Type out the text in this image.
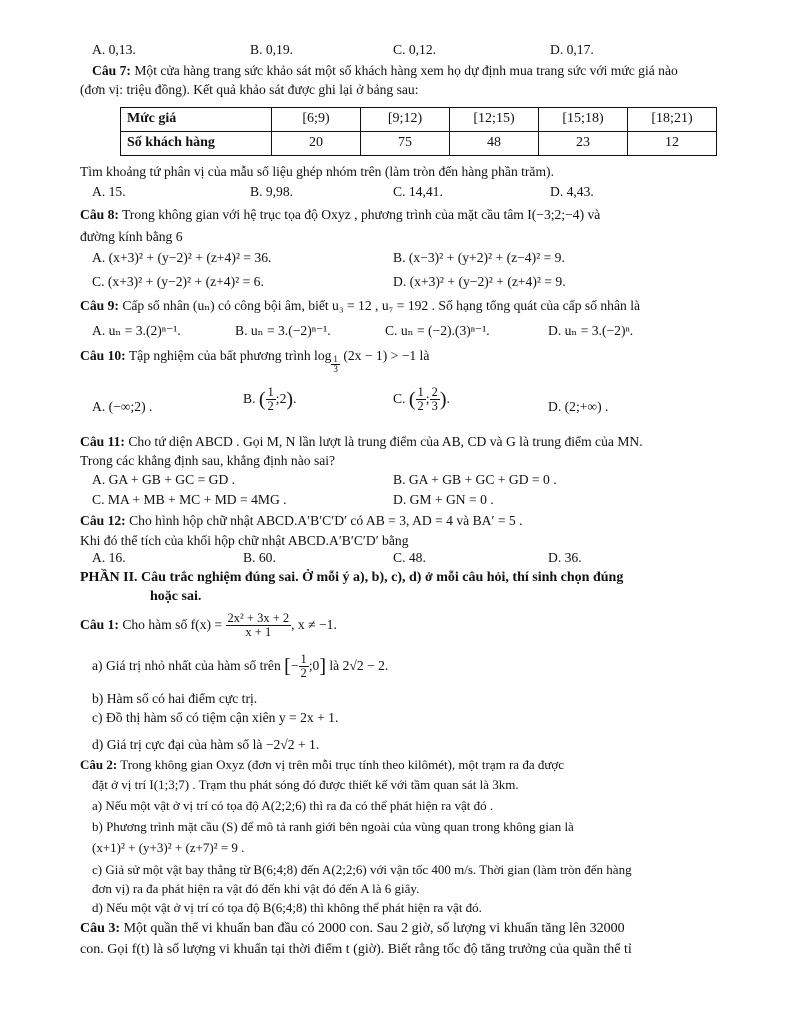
A. 0,13.	B. 0,19.	C. 0,12.	D. 0,17.
Câu 7: Một cửa hàng trang sức khảo sát một số khách hàng xem họ dự định mua trang sức với mức giá nào
(đơn vị: triệu đồng). Kết quả khảo sát được ghi lại ở bảng sau:
Mức giá	[6;9)	[9;12)	[12;15)	[15;18)	[18;21)
Số khách hàng	20	75	48	23	12
Tìm khoảng tứ phân vị của mẫu số liệu ghép nhóm trên (làm tròn đến hàng phần trăm).
A. 15.	B. 9,98.	C. 14,41.	D. 4,43.
Câu 8: Trong không gian với hệ trục tọa độ Oxyz , phương trình của mặt cầu tâm I(−3;2;−4) và
đường kính bằng 6
A. (x+3)² + (y−2)² + (z+4)² = 36.	B. (x−3)² + (y+2)² + (z−4)² = 9.
C. (x+3)² + (y−2)² + (z+4)² = 6.	D. (x+3)² + (y−2)² + (z+4)² = 9.
Câu 9: Cấp số nhân (uₙ) có công bội âm, biết u₃ = 12 , u₇ = 192 . Số hạng tổng quát của cấp số nhân là
A. uₙ = 3.(2)ⁿ⁻¹.	B. uₙ = 3.(−2)ⁿ⁻¹.	C. uₙ = (−2).(3)ⁿ⁻¹.	D. uₙ = 3.(−2)ⁿ.
Câu 10: Tập nghiệm của bất phương trình $\log \frac{1}{3} (2x - 1) > -1$ là
A. (−∞;2) .
B. ( $\frac{1}{2}$ ;2).	C. ( $\frac{1}{2}$ ; $\frac{2}{3}$ ).
D. (2;+∞) .
Câu 11: Cho tứ diện ABCD . Gọi M, N lần lượt là trung điểm của AB, CD và G là trung điểm của MN.
Trong các khẳng định sau, khẳng định nào sai?
A. GA + GB + GC = GD .	B. GA + GB + GC + GD = 0 .
C. MA + MB + MC + MD = 4MG .	D. GM + GN = 0 .
Câu 12: Cho hình hộp chữ nhật ABCD.A′B′C′D′ có AB = 3, AD = 4 và BA′ = 5 .
Khi đó thể tích của khối hộp chữ nhật ABCD.A′B′C′D′ bằng
A. 16.	B. 60.	C. 48.	D. 36.
PHẦN II. Câu trắc nghiệm đúng sai. Ở mỗi ý a), b), c), d) ở mỗi câu hỏi, thí sinh chọn đúng
hoặc sai.
Câu 1: Cho hàm số $f(x) = \frac{\text{2x² + 3x + 2}}{x + 1}$ , x ≠ −1.
a) Giá trị nhỏ nhất của hàm số trên [− $\frac{1}{2}$ ;0] là 2√2 − 2.
b) Hàm số có hai điểm cực trị.
c) Đồ thị hàm số có tiệm cận xiên y = 2x + 1.
d) Giá trị cực đại của hàm số là −2√2 + 1.
Câu 2: Trong không gian Oxyz (đơn vị trên mỗi trục tính theo kilômét), một trạm ra đa được
đặt ở vị trí I(1;3;7) . Trạm thu phát sóng đó được thiết kế với tầm quan sát là 3km.
a) Nếu một vật ở vị trí có tọa độ A(2;2;6) thì ra đa có thể phát hiện ra vật đó .
b) Phương trình mặt cầu (S) để mô tả ranh giới bên ngoài của vùng quan trong không gian là
(x+1)² + (y+3)² + (z+7)² = 9 .
c) Giả sử một vật bay thẳng từ B(6;4;8) đến A(2;2;6) với vận tốc 400 m/s. Thời gian (làm tròn đến hàng
đơn vị) ra đa phát hiện ra vật đó đến khi vật đó đến A là 6 giây.
d) Nếu một vật ở vị trí có tọa độ B(6;4;8) thì không thể phát hiện ra vật đó.
Câu 3: Một quần thể vi khuẩn ban đầu có 2000 con. Sau 2 giờ, số lượng vi khuẩn tăng lên 32000
con. Gọi f(t) là số lượng vi khuẩn tại thời điểm t (giờ). Biết rằng tốc độ tăng trưởng của quần thể tỉ
